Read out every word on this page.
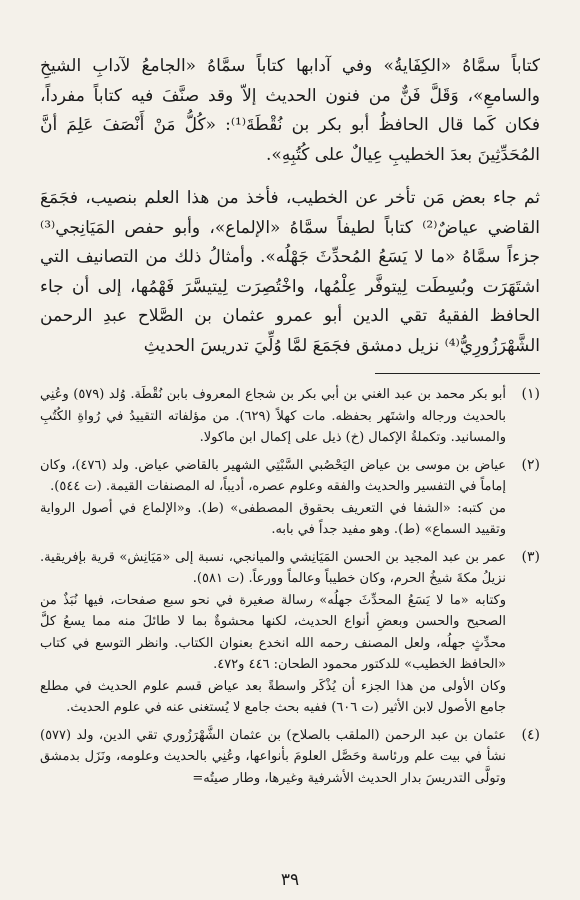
كتاباً سمَّاهُ «الكِفَايةُ» وفي آدابها كتاباً سمَّاهُ «الجامعُ لآدابِ الشيخِ والسامعِ»، وَقَلَّ فَنٌّ من فنون الحديث إلاّ وقد صنَّفَ فيه كتاباً مفرداً، فكان كَما قال الحافظُ أبو بكر بن نُقْطَةَ⁽¹⁾: «كُلُّ مَنْ أَنْصَفَ عَلِمَ أنَّ المُحَدِّثِينَ بعدَ الخطيبِ عِيالٌ على كُتُبِهِ».

ثم جاء بعض مَن تأخر عن الخطيب، فأخذ من هذا العلم بنصيب، فجَمَعَ القاضي عياضٌ⁽²⁾ كتاباً لطيفاً سمَّاهُ «الإلماع»، وأبو حفص المَيَانِجي⁽³⁾ جزءاً سمَّاهُ «ما لا يَسَعُ المُحدِّثَ جَهْلُه». وأمثالُ ذلك من التصانيف التي اشتَهَرَت وبُسِطَت لِيتوفَّر عِلْمُها، واخْتُصِرَت لِيتيسَّرَ فَهْمُها، إلى أن جاء الحافظ الفقيهُ تقي الدين أبو عمرو عثمان بن الصَّلاح عبدِ الرحمن الشَّهْرَزُورِيُّ⁽⁴⁾ نزيل دمشق فجَمَعَ لمَّا وُلِّيَ تدريسَ الحديثِ

(١)

أبو بكر محمد بن عبد الغني بن أبي بكر بن شجاع المعروف بابن نُقْطَة. وُلد (٥٧٩) وعُنِي بالحديث ورجاله واشتَهر بحفظه. مات كهلاً (٦٢٩). من مؤلفاته التقييدُ في رُواةِ الكُتُبِ والمسانيد. وتكملةُ الإكمال (خ) ذيل على إكمال ابن ماكولا.

(٢)

عياض بن موسى بن عياض اليَحْصُبي السَّبْتِي الشهير بالقاضي عياض. ولد (٤٧٦)، وكان إماماً في التفسير والحديث والفقه وعلوم عصره، أديباً، له المصنفات القيمة. (ت ٥٤٤).

من كتبه: «الشفا في التعريف بحقوق المصطفى» (ط). و«الإلماع في أصول الرواية وتقييد السماع» (ط). وهو مفيد جداً في بابه.

(٣)

عمر بن عبد المجيد بن الحسن المَيَانِشي والميانجي، نسبة إلى «مَيَانِش» قرية بإفريقية. نزيلُ مكةَ شيخُ الحرم، وكان خطيباً وعالماً وورعاً. (ت ٥٨١).

وكتابه «ما لا يَسَعُ المحدِّثَ جهلُه» رسالة صغيرة في نحو سبع صفحات، فيها نُبَذٌ من الصحيح والحسن وبعضِ أنواع الحديث، لكنها محشوةٌ بما لا طائلَ منه مما يسعُ كلَّ محدِّثٍ جهلُه، ولعل المصنف رحمه الله انخدع بعنوان الكتاب. وانظر التوسع في كتاب «الحافظ الخطيب» للدكتور محمود الطحان: ٤٤٦ و٤٧٢.

وكان الأولى من هذا الجزء أن يُذْكَر واسطةً بعد عياض قسم علوم الحديث في مطلع جامع الأصول لابن الأثير (ت ٦٠٦) ففيه بحث جامع لا يُستغنى عنه في علوم الحديث.

(٤)

عثمان بن عبد الرحمن (الملقب بالصلاح) بن عثمان الشَّهْرَزُوري تقي الدين، ولد (٥٧٧) نشأ في بيت علم ورئاسة وحَصَّل العلومَ بأنواعها، وعُنِي بالحديث وعلومه، ونَزَل بدمشق وتولَّى التدريسَ بدار الحديث الأشرفية وغيرها، وطار صيتُه=

٣٩
